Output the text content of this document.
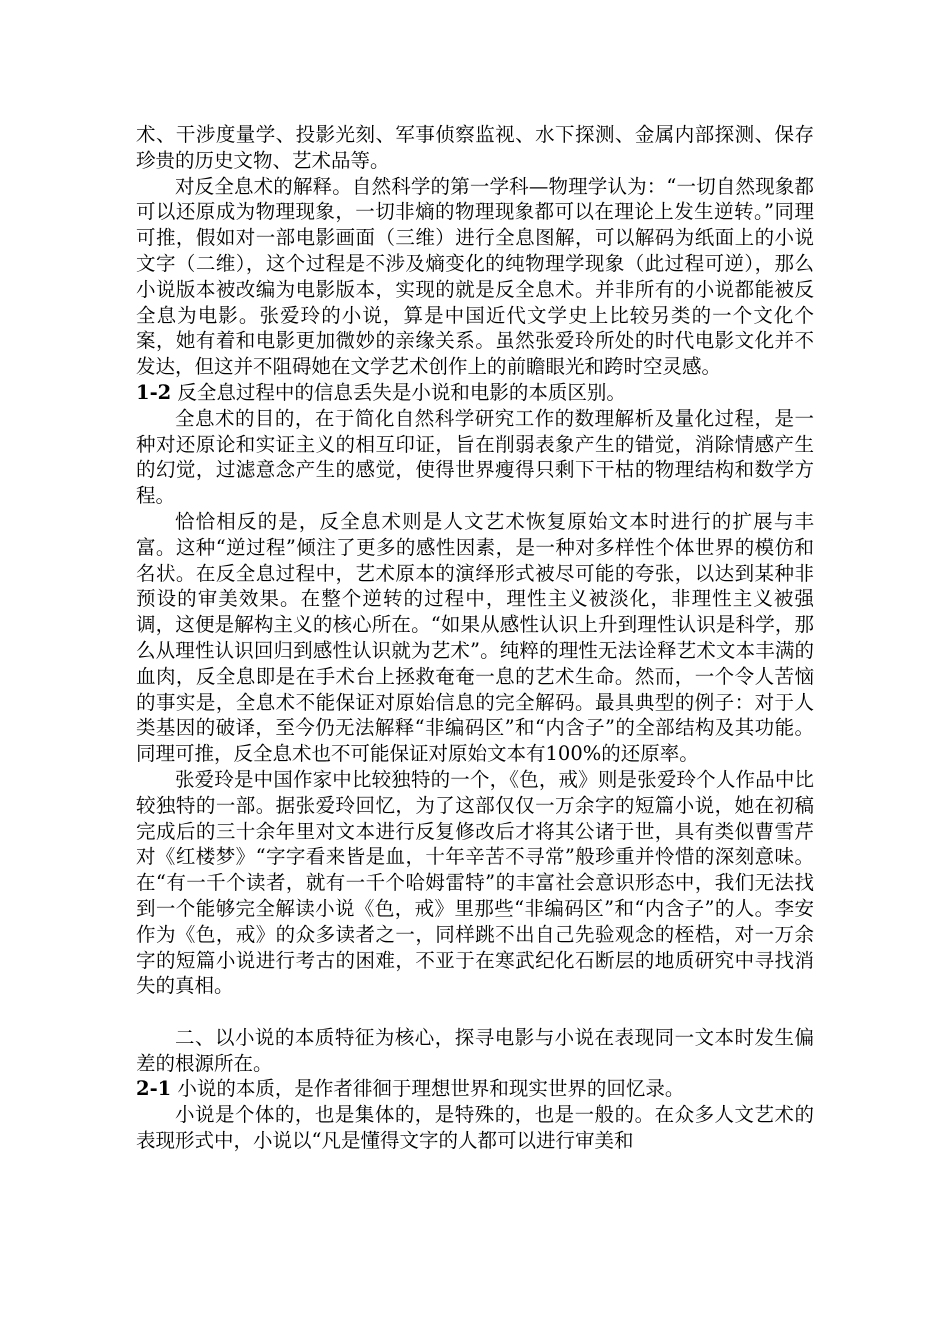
术、干涉度量学、投影光刻、军事侦察监视、水下探测、金属内部探测、保存珍贵的历史文物、艺术品等。

对反全息术的解释。自然科学的第一学科—物理学认为：“一切自然现象都可以还原成为物理现象，一切非熵的物理现象都可以在理论上发生逆转。”同理可推，假如对一部电影画面（三维）进行全息图解，可以解码为纸面上的小说文字（二维），这个过程是不涉及熵变化的纯物理学现象（此过程可逆），那么小说版本被改编为电影版本，实现的就是反全息术。并非所有的小说都能被反全息为电影。张爱玲的小说，算是中国近代文学史上比较另类的一个文化个案，她有着和电影更加微妙的亲缘关系。虽然张爱玲所处的时代电影文化并不发达，但这并不阻碍她在文学艺术创作上的前瞻眼光和跨时空灵感。

1-2 反全息过程中的信息丢失是小说和电影的本质区别。

全息术的目的，在于简化自然科学研究工作的数理解析及量化过程，是一种对还原论和实证主义的相互印证，旨在削弱表象产生的错觉，消除情感产生的幻觉，过滤意念产生的感觉，使得世界瘦得只剩下干枯的物理结构和数学方程。

恰恰相反的是，反全息术则是人文艺术恢复原始文本时进行的扩展与丰富。这种“逆过程”倾注了更多的感性因素，是一种对多样性个体世界的模仿和名状。在反全息过程中，艺术原本的演绎形式被尽可能的夸张，以达到某种非预设的审美效果。在整个逆转的过程中，理性主义被淡化，非理性主义被强调，这便是解构主义的核心所在。“如果从感性认识上升到理性认识是科学，那么从理性认识回归到感性认识就为艺术”。纯粹的理性无法诠释艺术文本丰满的血肉，反全息即是在手术台上拯救奄奄一息的艺术生命。然而，一个令人苦恼的事实是，全息术不能保证对原始信息的完全解码。最具典型的例子：对于人类基因的破译，至今仍无法解释“非编码区”和“内含子”的全部结构及其功能。同理可推，反全息术也不可能保证对原始文本有100%的还原率。

张爱玲是中国作家中比较独特的一个，《色，戒》则是张爱玲个人作品中比较独特的一部。据张爱玲回忆，为了这部仅仅一万余字的短篇小说，她在初稿完成后的三十余年里对文本进行反复修改后才将其公诸于世，具有类似曹雪芹对《红楼梦》“字字看来皆是血，十年辛苦不寻常”般珍重并怜惜的深刻意味。在“有一千个读者，就有一千个哈姆雷特”的丰富社会意识形态中，我们无法找到一个能够完全解读小说《色，戒》里那些“非编码区”和“内含子”的人。李安作为《色，戒》的众多读者之一，同样跳不出自己先验观念的桎梏，对一万余字的短篇小说进行考古的困难，不亚于在寒武纪化石断层的地质研究中寻找消失的真相。

二、以小说的本质特征为核心，探寻电影与小说在表现同一文本时发生偏差的根源所在。

2-1 小说的本质，是作者徘徊于理想世界和现实世界的回忆录。

小说是个体的，也是集体的，是特殊的，也是一般的。在众多人文艺术的表现形式中，小说以“凡是懂得文字的人都可以进行审美和
